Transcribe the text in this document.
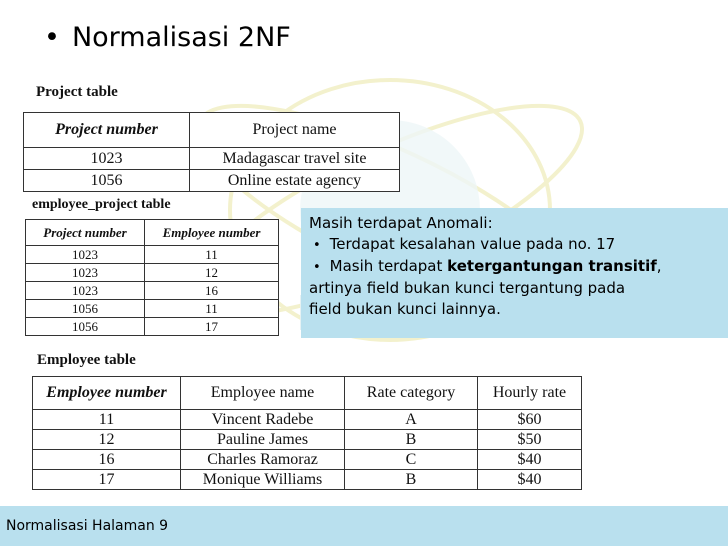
• Normalisasi 2NF
Project table
Project number	Project name
1023	Madagascar travel site
1056	Online estate agency
employee_project table
Project number	Employee number
1023	11
1023	12
1023	16
1056	11
1056	17
Masih terdapat Anomali:
• Terdapat kesalahan value pada no. 17
• Masih terdapat ketergantungan transitif,
artinya field bukan kunci tergantung pada
field bukan kunci lainnya.
Employee table
Employee number	Employee name	Rate category	Hourly rate
11	Vincent Radebe	A	$60
12	Pauline James	B	$50
16	Charles Ramoraz	C	$40
17	Monique Williams	B	$40
Normalisasi Halaman 9
